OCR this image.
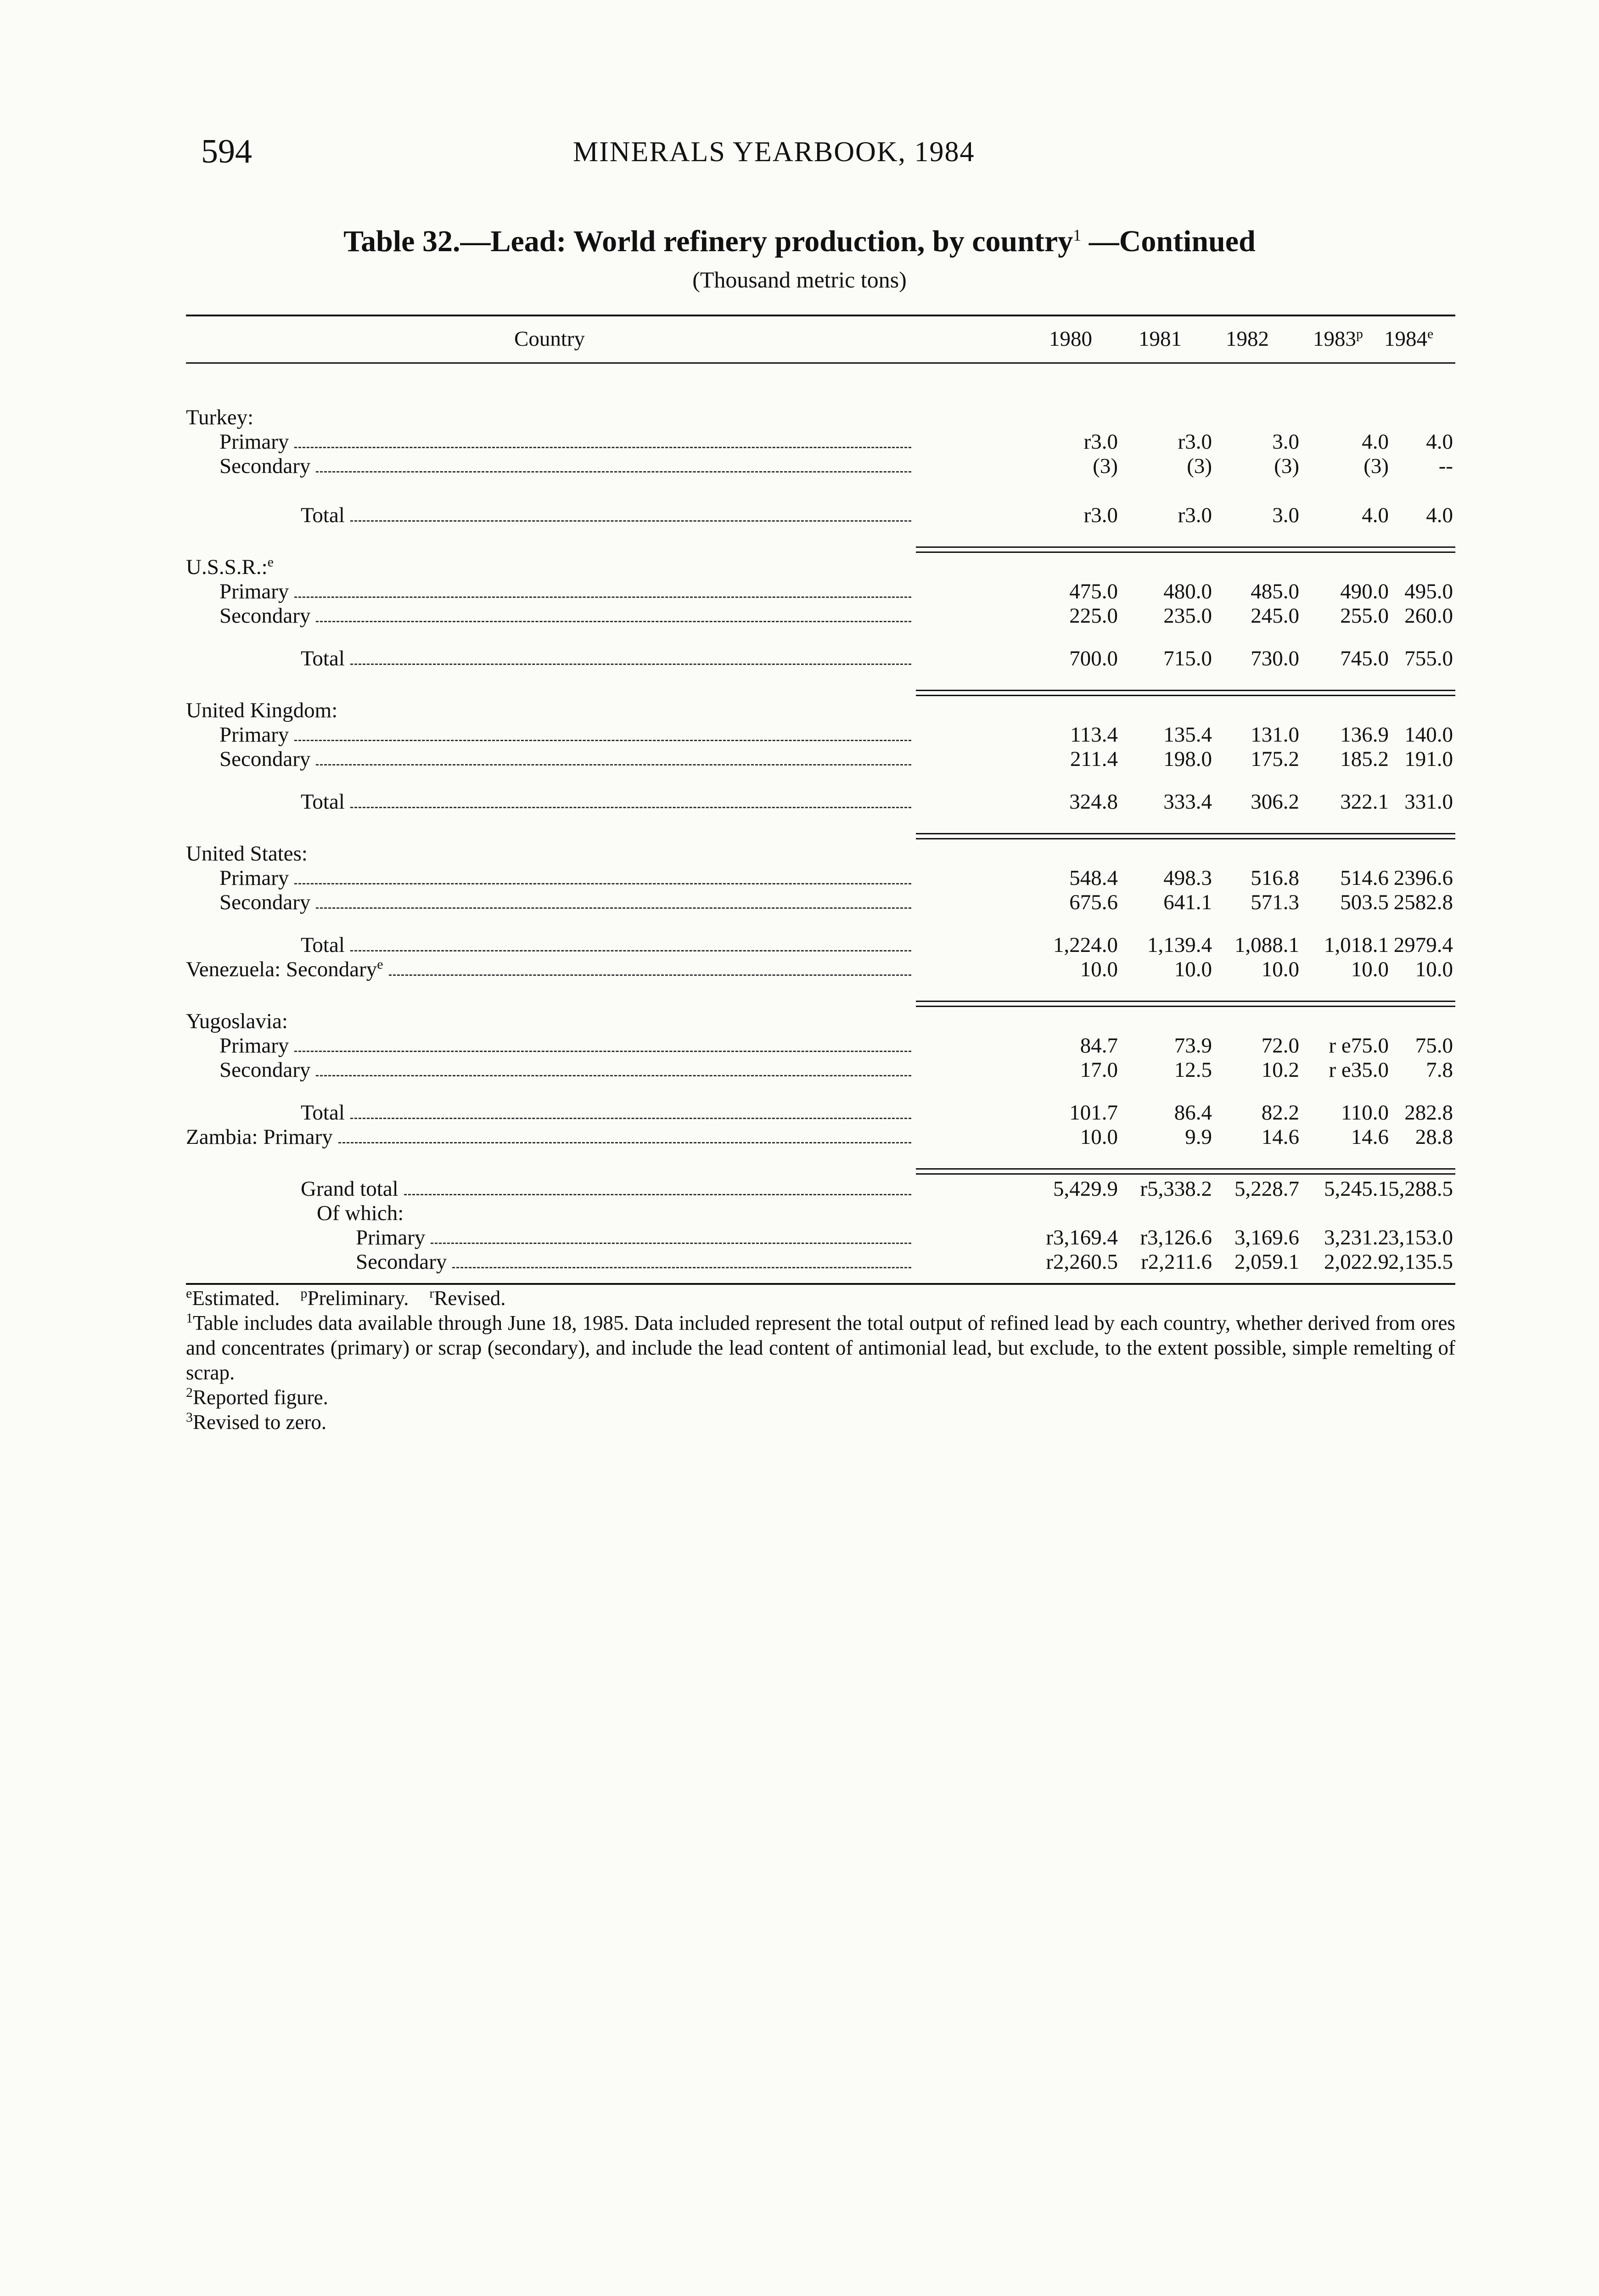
594	MINERALS YEARBOOK, 1984
Table 32.—Lead: World refinery production, by country$^1$ —Continued
(Thousand metric tons)
Country	1980 1981 1982 1983$^p$ 1984e
Turkey:
Primary	r3.0	r3.0	3.0	4.0	4.0
Secondary	(3)	(3)	(3)	(3)	--
Total	r3.0	r3.0	3.0	4.0	4.0
U.S.S.R.:$^e$
Primary	475.0	480.0	485.0	490.0 495.0
Secondary	225.0	235.0	245.0	255.0 260.0
Total	700.0	715.0	730.0	745.0 755.0
United Kingdom:
Primary	113.4	135.4	131.0	136.9 140.0
Secondary	211.4	198.0	175.2	185.2 191.0
Total	324.8	333.4	306.2	322.1 331.0
United States:
Primary	548.4	498.3	516.8	514.6 2396.6
Secondary	675.6	641.1	571.3	503.5 2582.8
Total	1,224.0	1,139.4	1,088.1	1,018.1 2979.4
Venezuela: Secondary$^e$	10.0	10.0	10.0	10.0	10.0
Yugoslavia:
Primary	84.7	73.9	72.0	r e75.0	75.0
Secondary	17.0	12.5	10.2	r e35.0	7.8
Total	101.7	86.4	82.2	110.0 282.8
Zambia: Primary	10.0	9.9	14.6	14.6	28.8
Grand total	5,429.9	r5,338.2	5,228.7	5,245.1 5,288.5
Of which:
Primary	r3,169.4	r3,126.6	3,169.6	3,231.2 3,153.0
Secondary	r2,260.5	r2,211.6	2,059.1	2,022.9 2,135.5

$^e$Estimated. $^p$Preliminary. $^r$Revised.

$^1$Table includes data available through June 18, 1985. Data included represent the total output of refined lead by each country, whether derived from ores and concentrates (primary) or scrap (secondary), and include the lead content of antimonial lead, but exclude, to the extent possible, simple remelting of scrap.

$^2$Reported figure.

$^3$Revised to zero.
